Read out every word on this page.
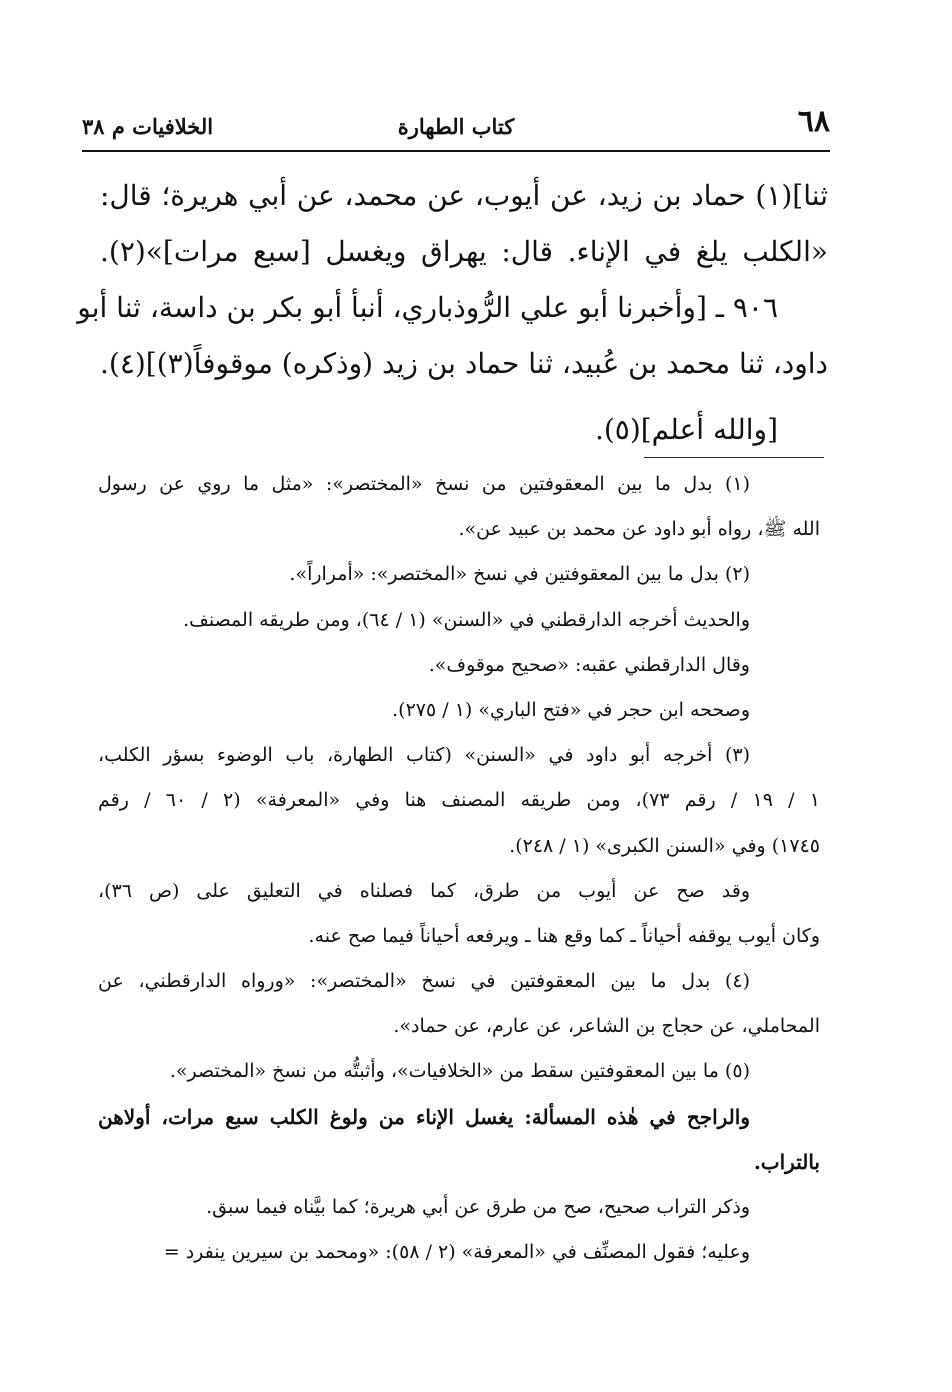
٦٨
كتاب الطهارة
الخلافيات م ٣٨
ثنا](١) حماد بن زيد، عن أيوب، عن محمد، عن أبي هريرة؛ قال:
«الكلب يلغ في الإناء. قال: يهراق ويغسل [سبع مرات]»(٢).
٩٠٦ ـ [وأخبرنا أبو علي الرُّوذباري، أنبأ أبو بكر بن داسة، ثنا أبو
داود، ثنا محمد بن عُبيد، ثنا حماد بن زيد (وذكره) موقوفاً(٣)](٤).
[والله أعلم](٥).
(١) بدل ما بين المعقوفتين من نسخ «المختصر»: «مثل ما روي عن رسول
الله ﷺ، رواه أبو داود عن محمد بن عبيد عن».
(٢) بدل ما بين المعقوفتين في نسخ «المختصر»: «أمراراً».
والحديث أخرجه الدارقطني في «السنن» (١ / ٦٤)، ومن طريقه المصنف.
وقال الدارقطني عقبه: «صحيح موقوف».
وصححه ابن حجر في «فتح الباري» (١ / ٢٧٥).
(٣) أخرجه أبو داود في «السنن» (كتاب الطهارة، باب الوضوء بسؤر الكلب،
١ / ١٩ / رقم ٧٣)، ومن طريقه المصنف هنا وفي «المعرفة» (٢ / ٦٠ / رقم
١٧٤٥) وفي «السنن الكبرى» (١ / ٢٤٨).
وقد صح عن أيوب من طرق، كما فصلناه في التعليق على (ص ٣٦)،
وكان أيوب يوقفه أحياناً ـ كما وقع هنا ـ ويرفعه أحياناً فيما صح عنه.
(٤) بدل ما بين المعقوفتين في نسخ «المختصر»: «ورواه الدارقطني، عن
المحاملي، عن حجاج بن الشاعر، عن عارم، عن حماد».
(٥) ما بين المعقوفتين سقط من «الخلافيات»، وأثبتُّه من نسخ «المختصر».
والراجح في هٰذه المسألة: يغسل الإناء من ولوغ الكلب سبع مرات، أولاهن
بالتراب.
وذكر التراب صحيح، صح من طرق عن أبي هريرة؛ كما بيَّناه فيما سبق.
وعليه؛ فقول المصنِّف في «المعرفة» (٢ / ٥٨): «ومحمد بن سيرين ينفرد =
